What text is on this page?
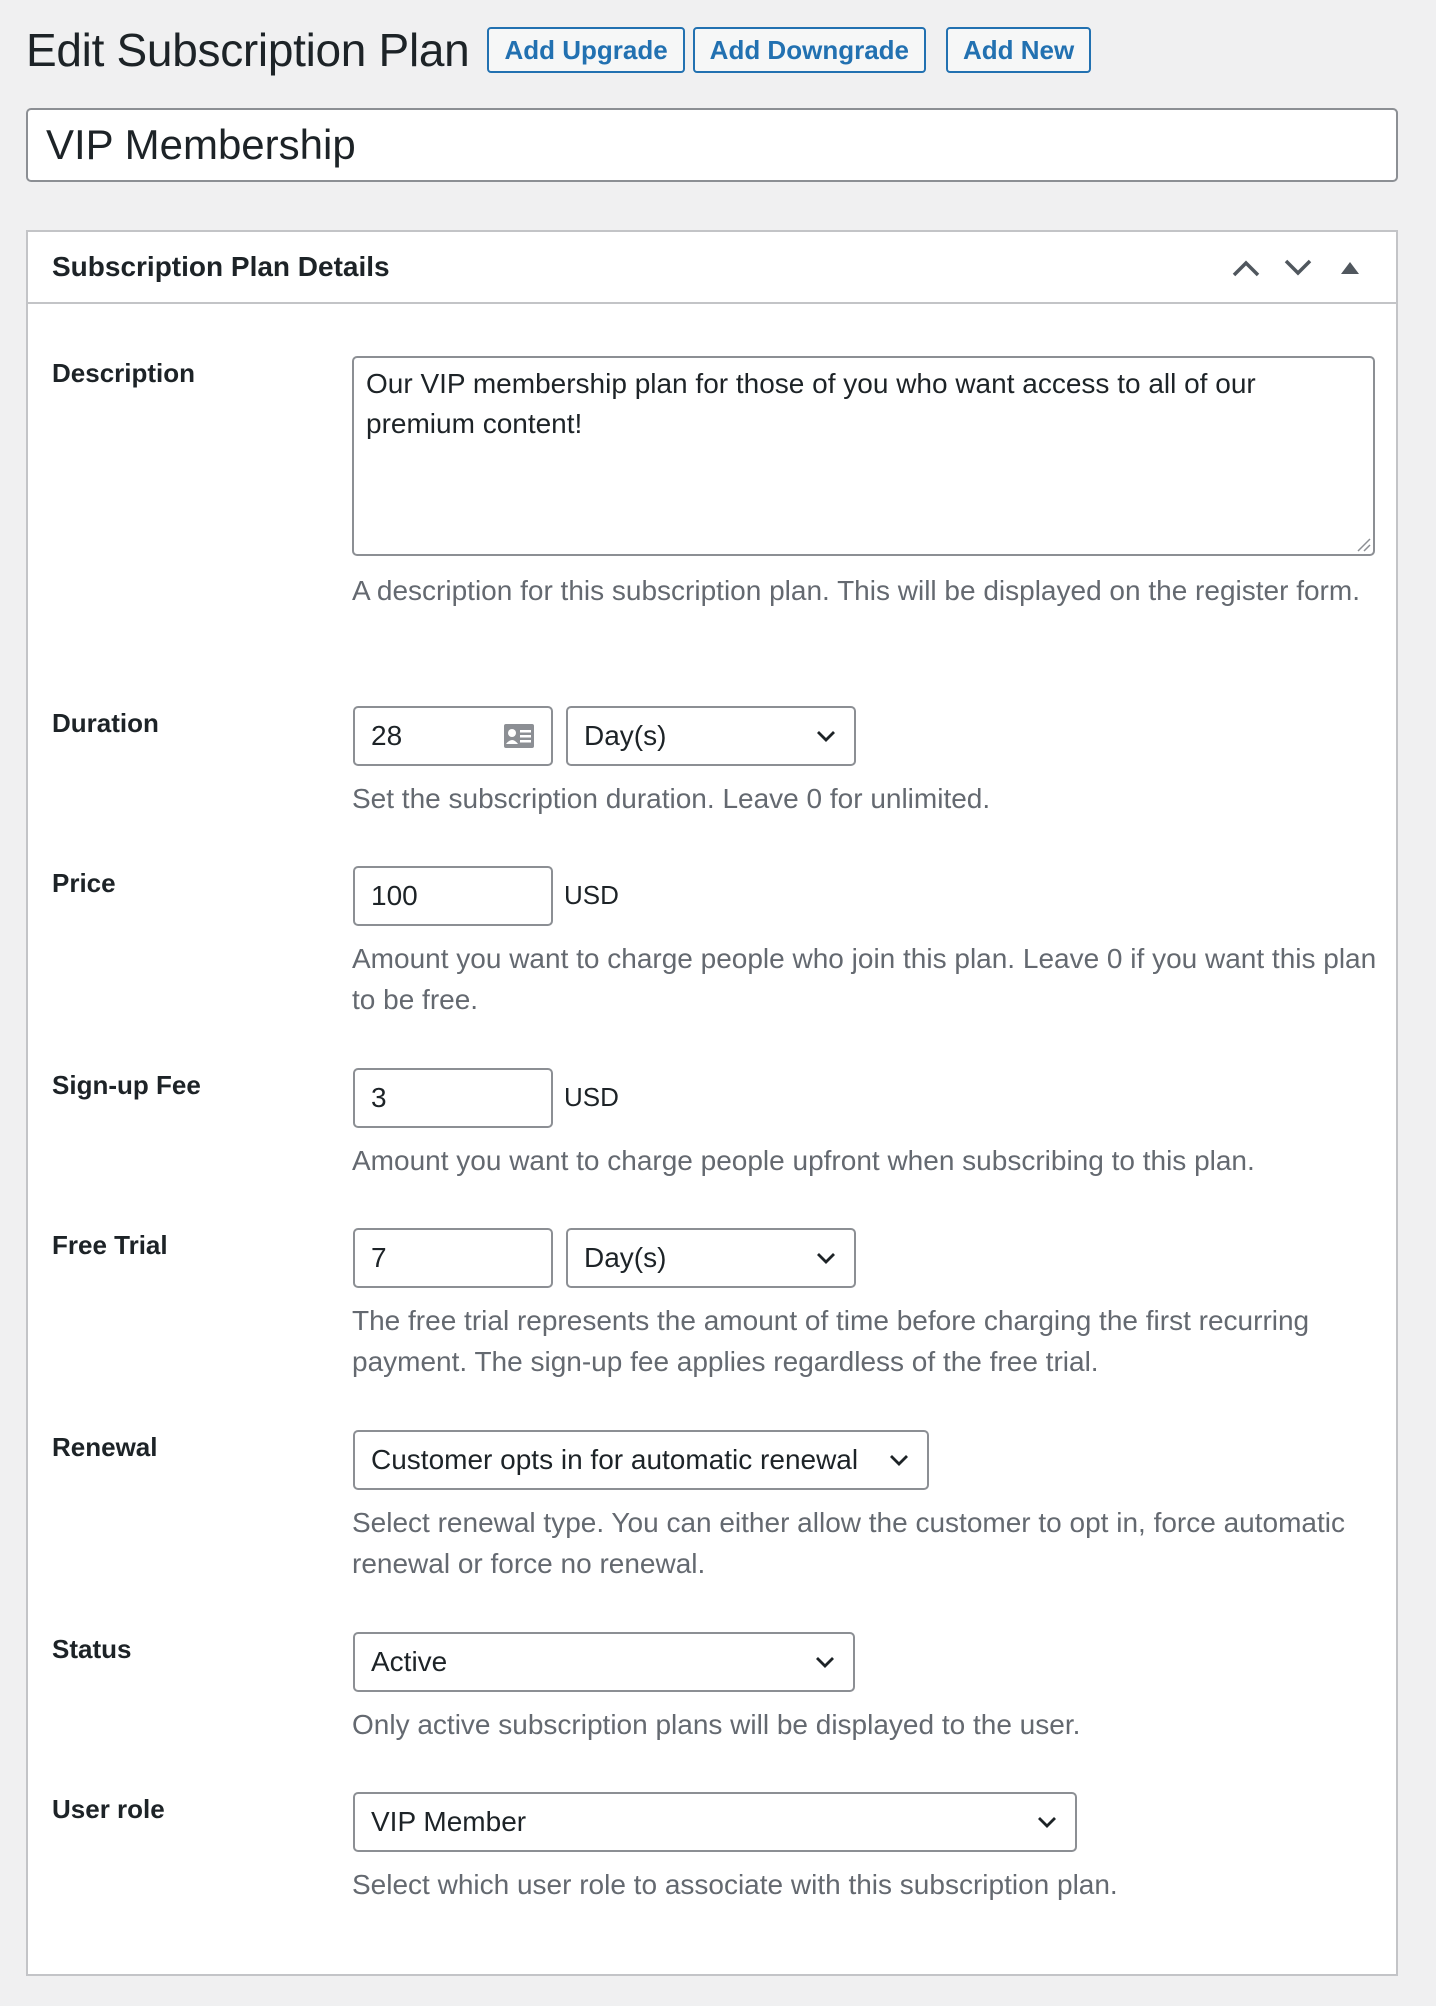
Edit Subscription Plan	Add Upgrade	Add Downgrade	Add New
VIP Membership
Subscription Plan Details
Description	Our VIP membership plan for those of you who want access to all of our premium content!
A description for this subscription plan. This will be displayed on the register form.
Duration	28	Day(s)
Set the subscription duration. Leave 0 for unlimited.
Price	100	USD
Amount you want to charge people who join this plan. Leave 0 if you want this plan to be free.
Sign-up Fee	3	USD
Amount you want to charge people upfront when subscribing to this plan.
Free Trial	7	Day(s)
The free trial represents the amount of time before charging the first recurring payment. The sign-up fee applies regardless of the free trial.
Renewal	Customer opts in for automatic renewal
Select renewal type. You can either allow the customer to opt in, force automatic renewal or force no renewal.
Status	Active
Only active subscription plans will be displayed to the user.
User role	VIP Member
Select which user role to associate with this subscription plan.
